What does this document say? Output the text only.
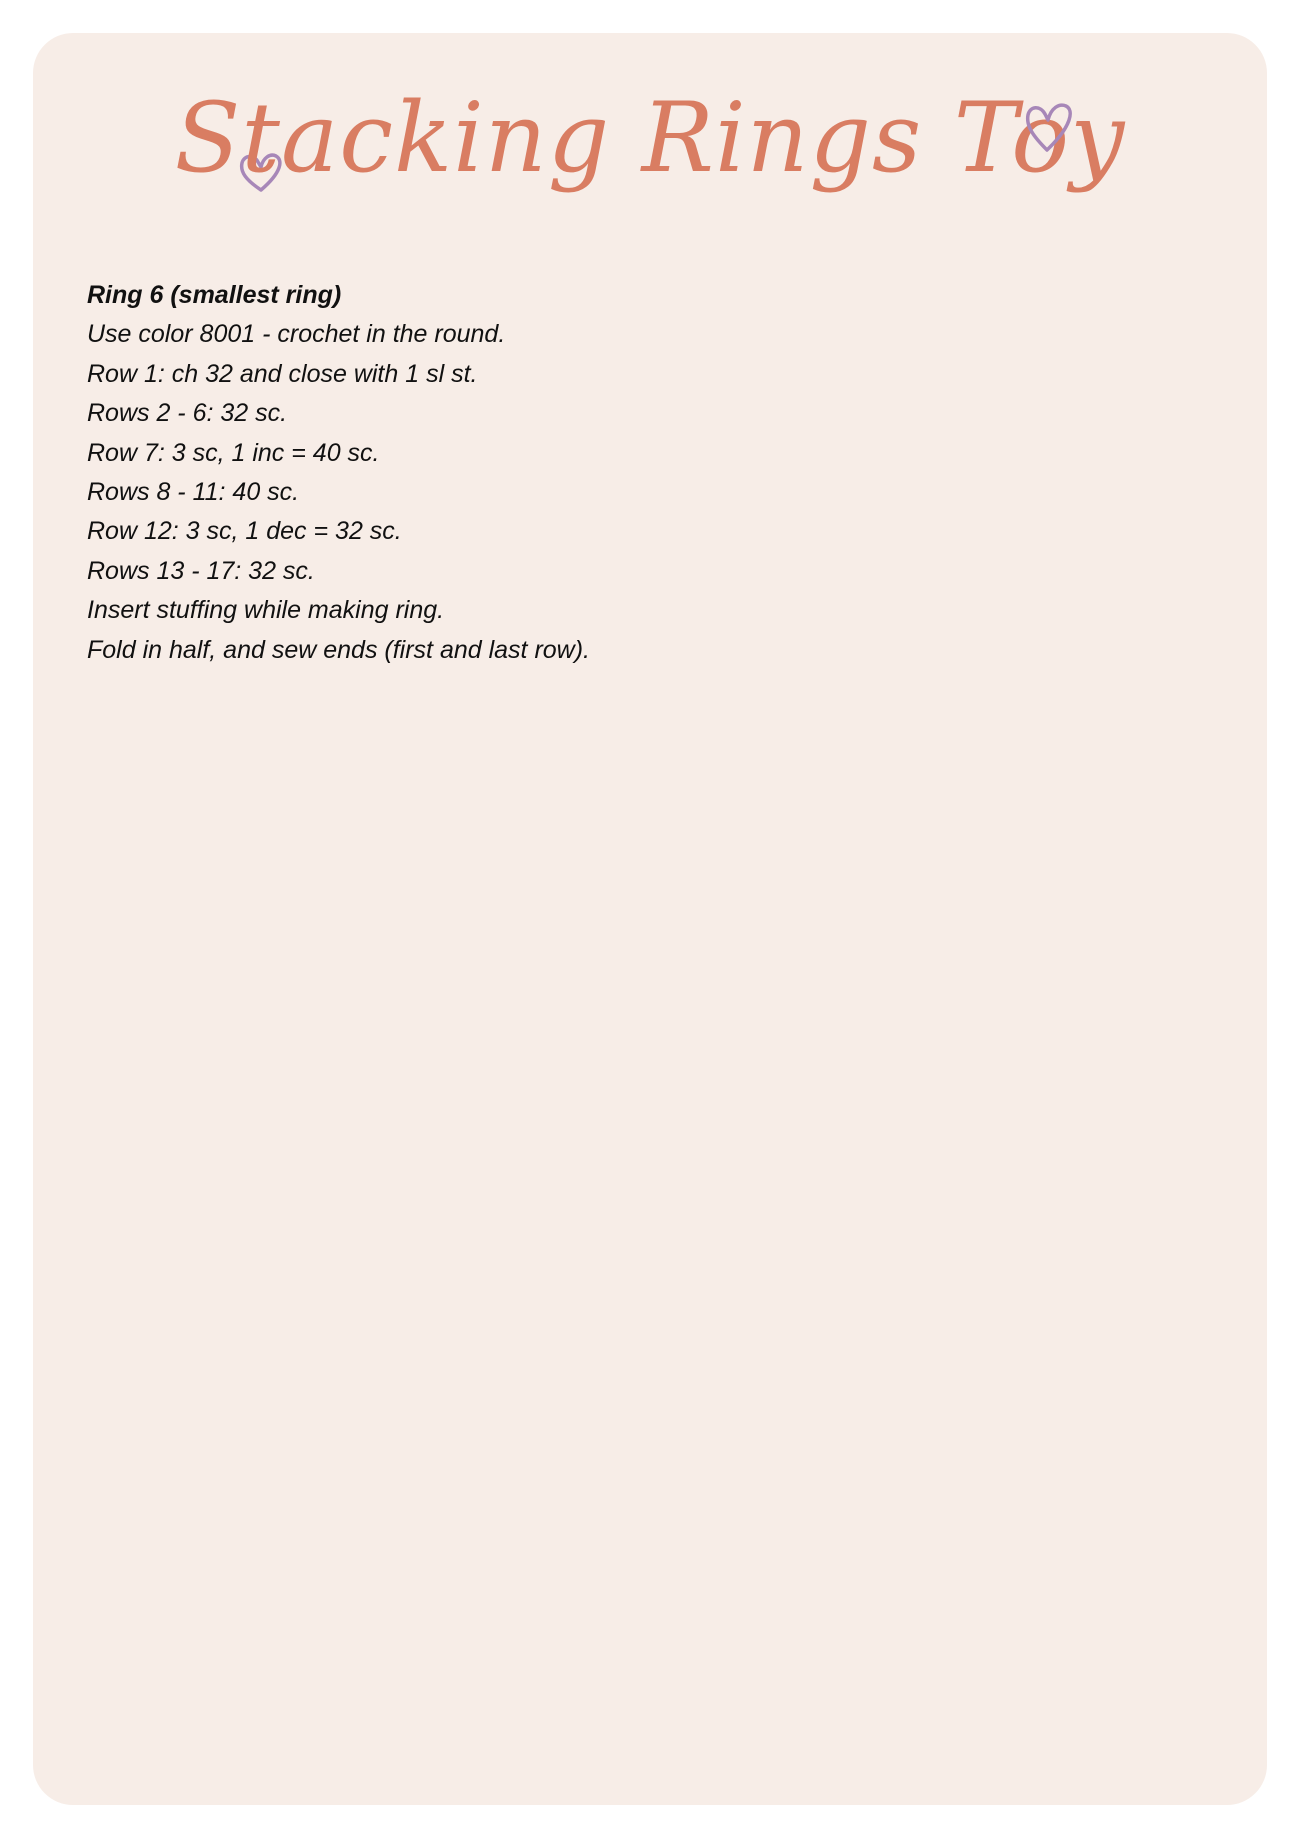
Stacking Rings Toy
Ring 6 (smallest ring)
Use color 8001 - crochet in the round.
Row 1: ch 32 and close with 1 sl st.
Rows 2 - 6: 32 sc.
Row 7: 3 sc, 1 inc = 40 sc.
Rows 8 - 11: 40 sc.
Row 12: 3 sc, 1 dec = 32 sc.
Rows 13 - 17: 32 sc.
Insert stuffing while making ring.
Fold in half, and sew ends (first and last row).
